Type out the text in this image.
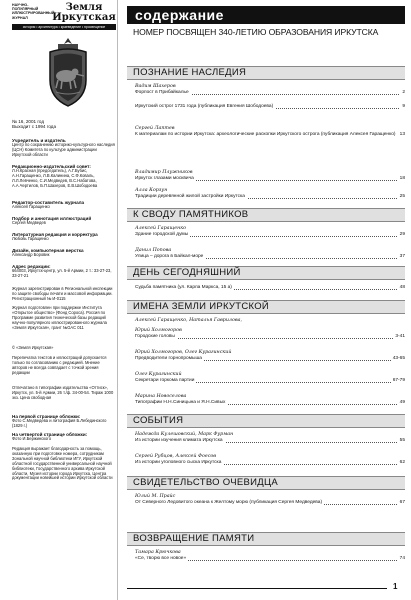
НАУЧНО-ПОПУЛЯРНЫЙ ИЛЛЮСТРИРОВАННЫЙ ЖУРНАЛ
Земля Иркутская
история • архитектура • краеведение • просвещение
№ 16, 2001 год
Выходит с 1994 года

Учредитель и издатель

Центр по сохранению историко-культурного наследия (ЦСН) Комитета по культуре администрации Иркутской области

Редакционно-издательский совет:

Л.Н.Красная (председатель), А.Г.Бубис, А.Н.Гаращенко, Л.В.Калинина, С.Ф.Коваль, Л.Л.Левченко, С.И.Медведев, В.С.Набатова, А.А.Чертилов, Б.П.Шахеров, Е.В.Шободоева

Редактор-составитель журнала

Алексей Гаращенко

Подбор и аннотация иллюстраций

Сергей Медведев

Литературная редакция и корректура

Любовь Гаращенко

Дизайн, компьютерная верстка

Александр Боровик

Адрес редакции:

664003, Иркутск-центр, ул. 5-й Армии, 2 т.: 33-27-23, 33-27-21

Журнал зарегистрирован в Региональной инспекции по защите свободы печати и массовой информации. Регистрационный № И-0115

Журнал подготовлен при поддержке Института «Открытое общество» (Фонд Сороса). Россия по Программе развития технической базы редакций научно-популярного иллюстрированного журнала «Земля Иркутская», грант №GAC 011

© «Земля Иркутская»

Перепечатка текстов и иллюстраций допускается только по согласованию с редакцией. Мнение авторов не всегда совпадает с точкой зрения редакции

Отпечатано в типографии издательства «Оттиск», Иркутск, ул. 5-й Армии, 26 т./ф. 34-00-54. Тираж 1000 экз. Цена свободная

На первой странице обложки:

Фото С.Медведева и литография Б.Лебединского (1829 г.)

На четвертой странице обложки:

Фото И.Бержинского

Редакция выражает благодарность за помощь, оказанную при подготовке номера, сотрудникам Зональной научной библиотеки ИГУ, Иркутской областной государственной универсальной научной библиотеки, Государственного архива Иркутской области, Музея истории города Иркутска, Центра документации новейшей истории Иркутской области

содержание
НОМЕР ПОСВЯЩЕН 340-ЛЕТИЮ ОБРАЗОВАНИЯ ИРКУТСКА
ПОЗНАНИЕ НАСЛЕДИЯ

Вадим Шахеров

Форпост в Прибайкалье	2

Иркутский острог 1731 года (публикация Евгения Шободоева)	9

Сергей Лаптев

К материалам по истории Иркутска: археологические раскопки Иркутского острога (публикация Алексея Гаращенко) 13

Владимир Плужников

Иркутск глазами москвича	18

Алла Корзун

Традиции деревянной жилой застройки Иркутска	25

К СВОДУ ПАМЯТНИКОВ

Алексей Гаращенко

Здание городской думы	29

Данил Попова

Улица – дорога в Байкал-море	37

ДЕНЬ СЕГОДНЯШНИЙ

Судьба памятника (ул. Карла Маркса, 15 а)	48

ИМЕНА ЗЕМЛИ ИРКУТСКОЙ

Алексей Гаращенко, Наталья Гаврилова,

Юрий Холмогоров

Городские головы	3-41

Юрий Холмогоров, Олег Курагинский

Предводители горнопромыша	43-65

Олег Курагинский

Секретари горкома партии	67-79

Марина Новоселова

Типографии Н.Н.Синицына и Я.Н.Сивых	49

СОБЫТИЯ

Надежда Кулешовский, Марк Фурман

Из истории изучения климата Иркутска	55

Сергей Рубцов, Алексей Фоесов

Из истории уголовного сыска Иркутска	62

СВИДЕТЕЛЬСТВО ОЧЕВИДЦА

Юлий М. Прайс

От Северного Ледовитого океана к Желтому морю (публикация Сергея Медведева)	67

ВОЗВРАЩЕНИЕ ПАМЯТИ

Тамара Крючкова

«Се, творю все новое»	74

1
